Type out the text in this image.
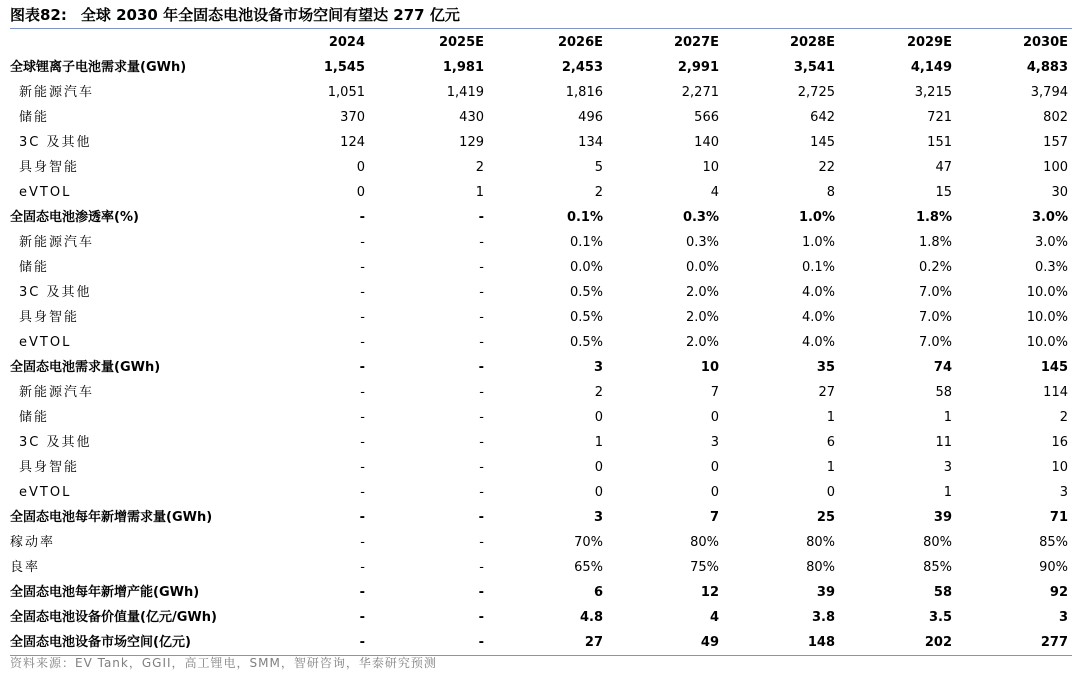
图表82: 全球 2030 年全固态电池设备市场空间有望达 277 亿元
	2024	2025E	2026E	2027E	2028E	2029E	2030E
全球锂离子电池需求量(GWh)	1,545	1,981	2,453	2,991	3,541	4,149	4,883
新能源汽车	1,051	1,419	1,816	2,271	2,725	3,215	3,794
储能	370	430	496	566	642	721	802
3C 及其他	124	129	134	140	145	151	157
具身智能	0	2	5	10	22	47	100
eVTOL	0	1	2	4	8	15	30
全固态电池渗透率(%)	-	-	0.1%	0.3%	1.0%	1.8%	3.0%
新能源汽车	-	-	0.1%	0.3%	1.0%	1.8%	3.0%
储能	-	-	0.0%	0.0%	0.1%	0.2%	0.3%
3C 及其他	-	-	0.5%	2.0%	4.0%	7.0%	10.0%
具身智能	-	-	0.5%	2.0%	4.0%	7.0%	10.0%
eVTOL	-	-	0.5%	2.0%	4.0%	7.0%	10.0%
全固态电池需求量(GWh)	-	-	3	10	35	74	145
新能源汽车	-	-	2	7	27	58	114
储能	-	-	0	0	1	1	2
3C 及其他	-	-	1	3	6	11	16
具身智能	-	-	0	0	1	3	10
eVTOL	-	-	0	0	0	1	3
全固态电池每年新增需求量(GWh)	-	-	3	7	25	39	71
稼动率	-	-	70%	80%	80%	80%	85%
良率	-	-	65%	75%	80%	85%	90%
全固态电池每年新增产能(GWh)	-	-	6	12	39	58	92
全固态电池设备价值量(亿元/GWh)	-	-	4.8	4	3.8	3.5	3
全固态电池设备市场空间(亿元)	-	-	27	49	148	202	277
资料来源：EV Tank，GGII，高工锂电，SMM，智研咨询，华泰研究预测
